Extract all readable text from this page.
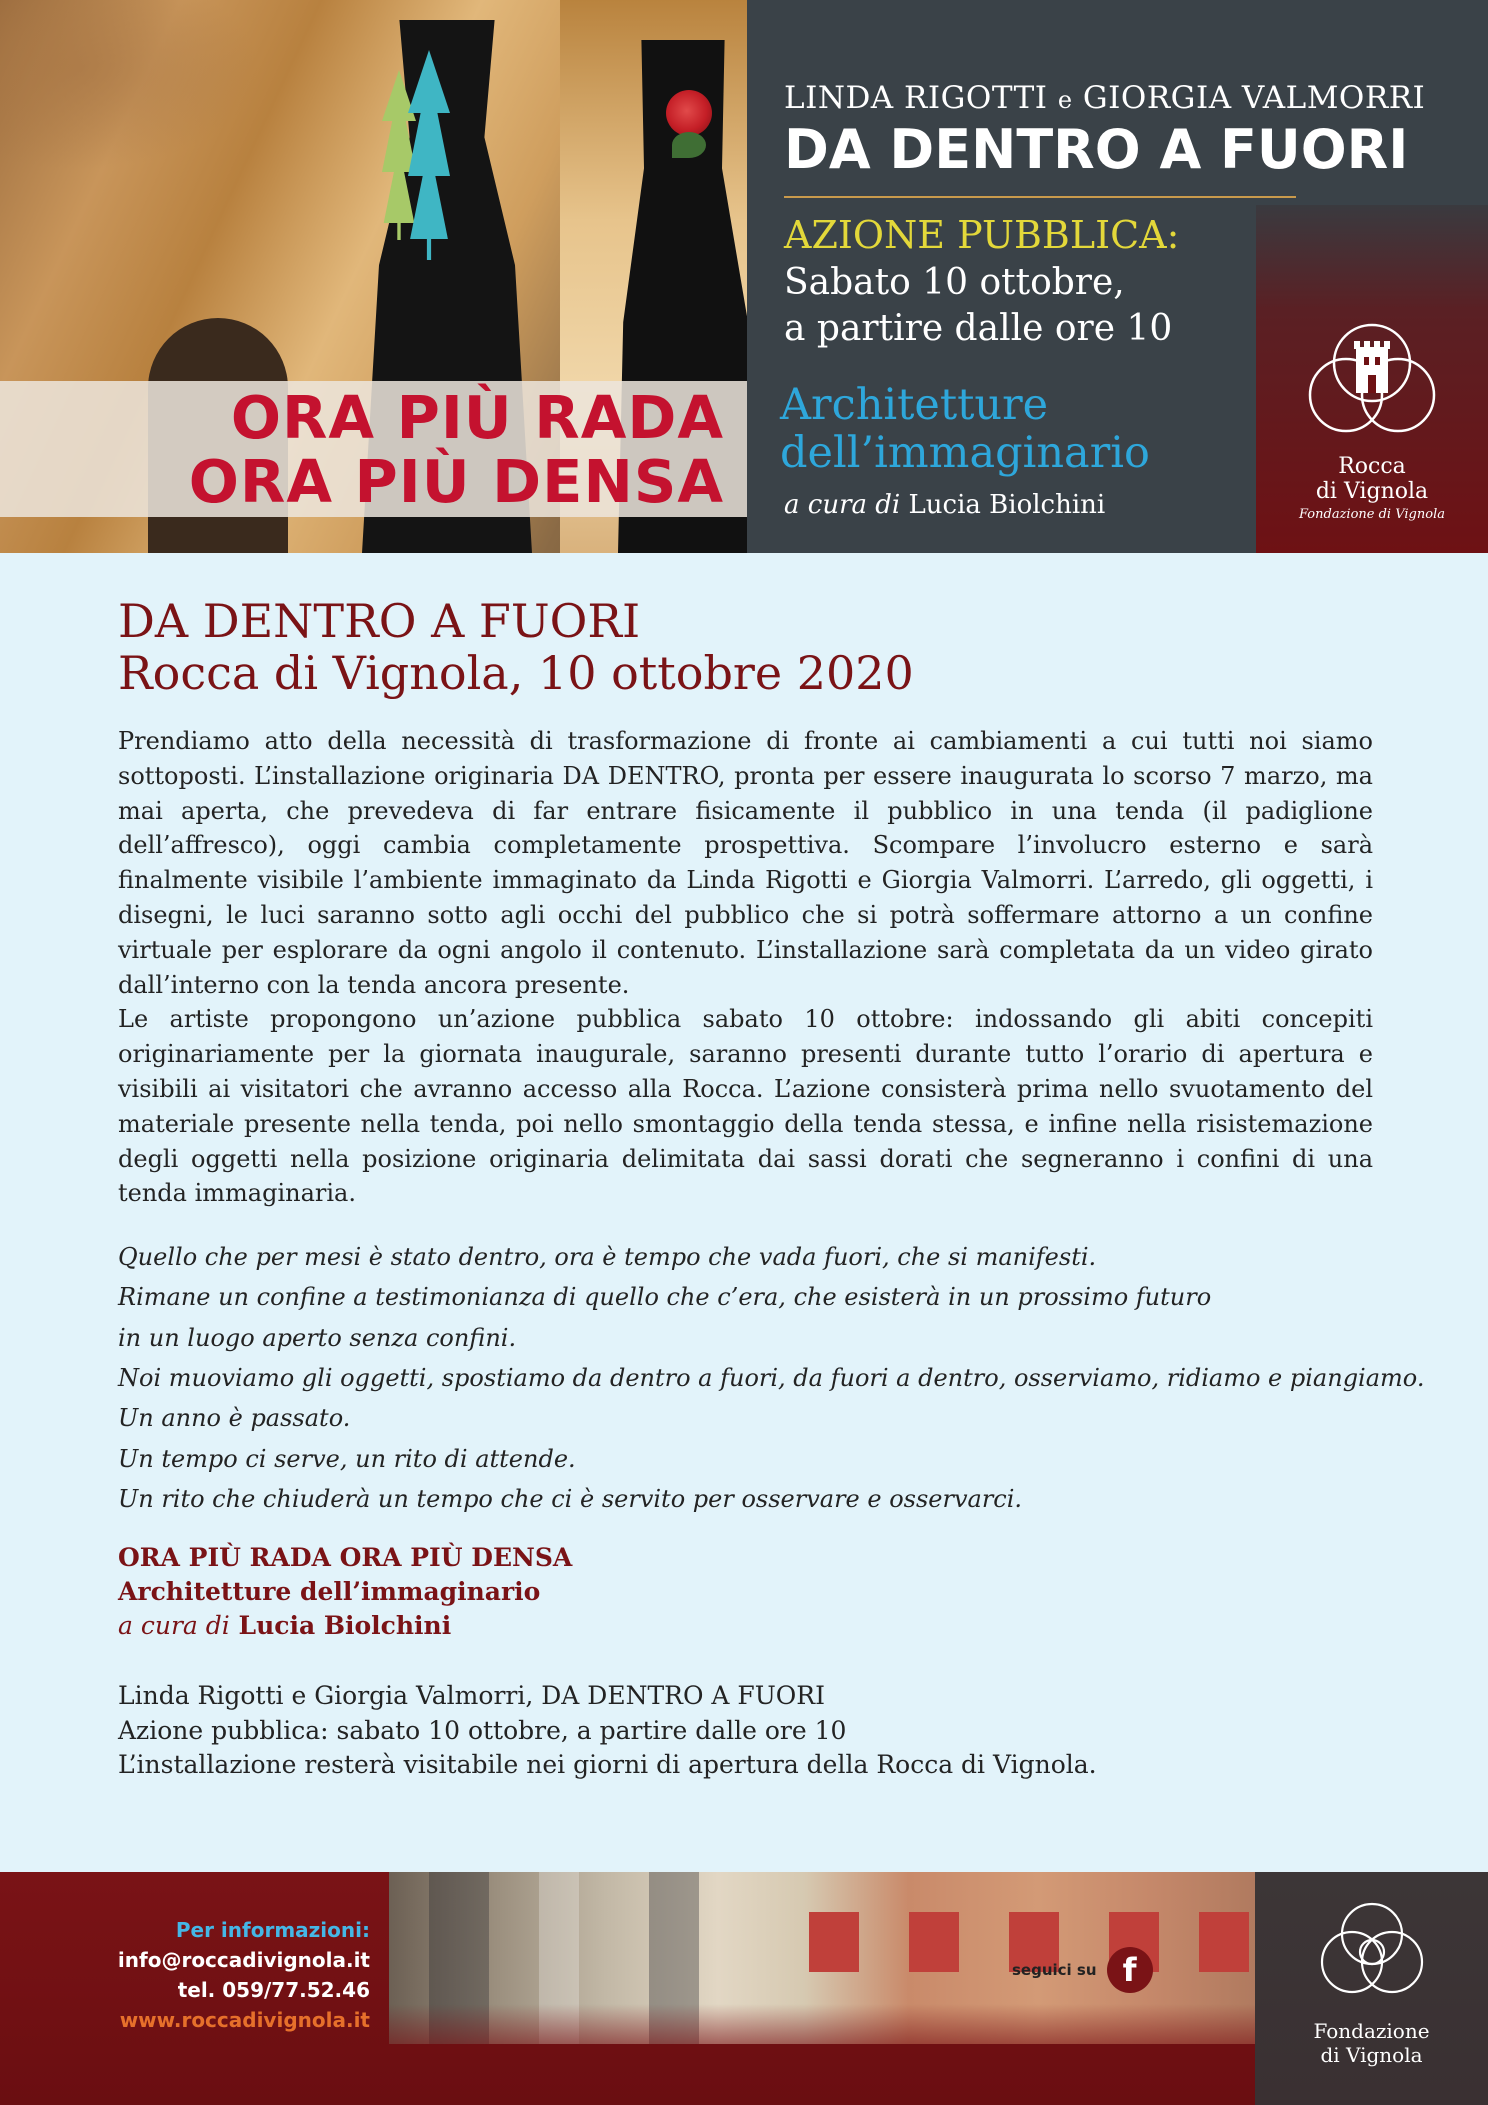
ORA PIÙ RADA
ORA PIÙ DENSA
LINDA RIGOTTI e GIORGIA VALMORRI
DA DENTRO A FUORI
AZIONE PUBBLICA:
Sabato 10 ottobre,
a partire dalle ore 10
Architetture
dell’immaginario
a cura di Lucia Biolchini
Rocca
di Vignola
Fondazione di Vignola
DA DENTRO A FUORI
Rocca di Vignola, 10 ottobre 2020

Prendiamo atto della necessità di trasformazione di fronte ai cambiamenti a cui tutti noi siamo sottoposti. L’installazione originaria DA DENTRO, pronta per essere inaugurata lo scorso 7 marzo, ma mai aperta, che prevedeva di far entrare fisicamente il pubblico in una tenda (il padiglione dell’affresco), oggi cambia completamente prospettiva. Scompare l’involucro esterno e sarà finalmente visibile l’ambiente immaginato da Linda Rigotti e Giorgia Valmorri. L’arredo, gli oggetti, i disegni, le luci saranno sotto agli occhi del pubblico che si potrà soffermare attorno a un confine virtuale per esplorare da ogni angolo il contenuto. L’installazione sarà completata da un video girato dall’interno con la tenda ancora presente.

Le artiste propongono un’azione pubblica sabato 10 ottobre: indossando gli abiti concepiti originariamente per la giornata inaugurale, saranno presenti durante tutto l’orario di apertura e visibili ai visitatori che avranno accesso alla Rocca. L’azione consisterà prima nello svuotamento del materiale presente nella tenda, poi nello smontaggio della tenda stessa, e infine nella risistemazione degli oggetti nella posizione originaria delimitata dai sassi dorati che segneranno i confini di una tenda immaginaria.

Quello che per mesi è stato dentro, ora è tempo che vada fuori, che si manifesti.
Rimane un confine a testimonianza di quello che c’era, che esisterà in un prossimo futuro
in un luogo aperto senza confini.
Noi muoviamo gli oggetti, spostiamo da dentro a fuori, da fuori a dentro, osserviamo, ridiamo e piangiamo.
Un anno è passato.
Un tempo ci serve, un rito di attende.
Un rito che chiuderà un tempo che ci è servito per osservare e osservarci.
ORA PIÙ RADA ORA PIÙ DENSA
Architetture dell’immaginario
a cura di Lucia Biolchini
Linda Rigotti e Giorgia Valmorri, DA DENTRO A FUORI
Azione pubblica: sabato 10 ottobre, a partire dalle ore 10
L’installazione resterà visitabile nei giorni di apertura della Rocca di Vignola.
Per informazioni:
info@roccadivignola.it
tel. 059/77.52.46
www.roccadivignola.it
seguici su f
Fondazione
di Vignola
